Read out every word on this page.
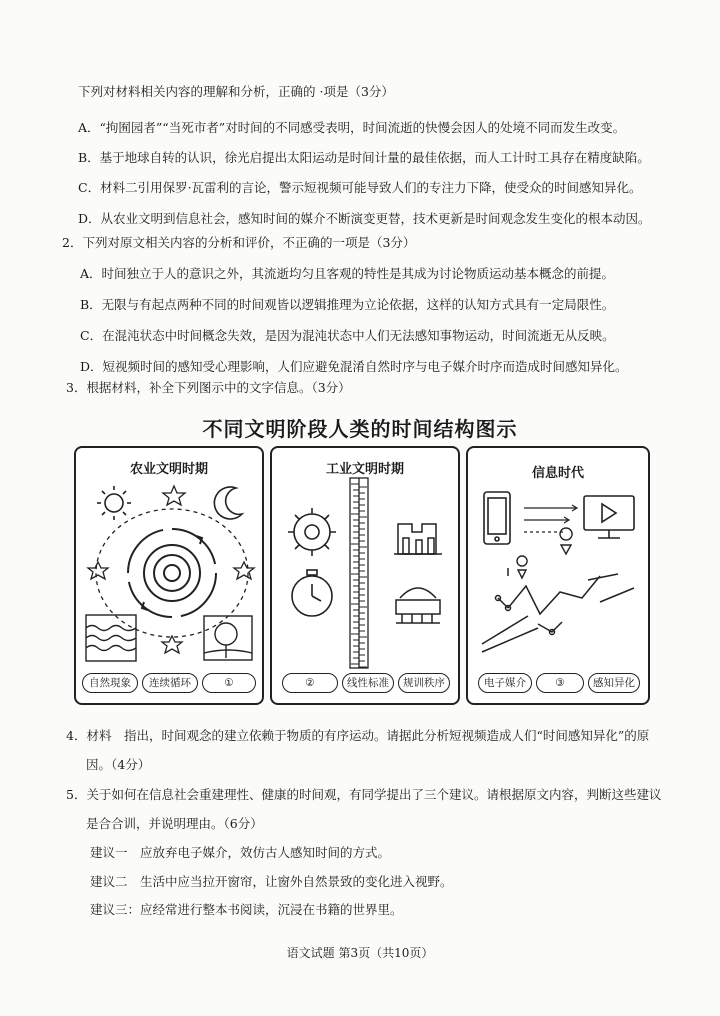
下列对材料相关内容的理解和分析，正确的 ·项是（3分）
A．“拘囿园者”“当死市者”对时间的不同感受表明，时间流逝的快慢会因人的处境不同而发生改变。
B．基于地球自转的认识，徐光启提出太阳运动是时间计量的最佳依据，而人工计时工具存在精度缺陷。
C．材料二引用保罗·瓦雷利的言论，警示短视频可能导致人们的专注力下降，使受众的时间感知异化。
D．从农业文明到信息社会，感知时间的媒介不断演变更替，技术更新是时间观念发生变化的根本动因。
2．下列对原文相关内容的分析和评价，不正确的一项是（3分）
A．时间独立于人的意识之外，其流逝均匀且客观的特性是其成为讨论物质运动基本概念的前提。
B．无限与有起点两种不同的时间观皆以逻辑推理为立论依据，这样的认知方式具有一定局限性。
C．在混沌状态中时间概念失效，是因为混沌状态中人们无法感知事物运动，时间流逝无从反映。
D．短视频时间的感知受心理影响，人们应避免混淆自然时序与电子媒介时序而造成时间感知异化。
3．根据材料，补全下列图示中的文字信息。（3分）
不同文明阶段人类的时间结构图示
农业文明时期
自然現象	连续循环	①
工业文明时期
②	线性标准	规训秩序
信息时代
电子媒介	③	感知异化
4．材料　指出，时间观念的建立依赖于物质的有序运动。请据此分析短视频造成人们“时间感知异化”的原
因。（4分）
5．关于如何在信息社会重建理性、健康的时间观，有同学提出了三个建议。请根据原文内容，判断这些建议
是合合训，并说明理由。（6分）
建议一　应放弃电子媒介，效仿古人感知时间的方式。
建议二　生活中应当拉开窗帘，让窗外自然景致的变化进入视野。
建议三：应经常进行整本书阅读，沉浸在书籍的世界里。
语文试题 第3页（共10页）
